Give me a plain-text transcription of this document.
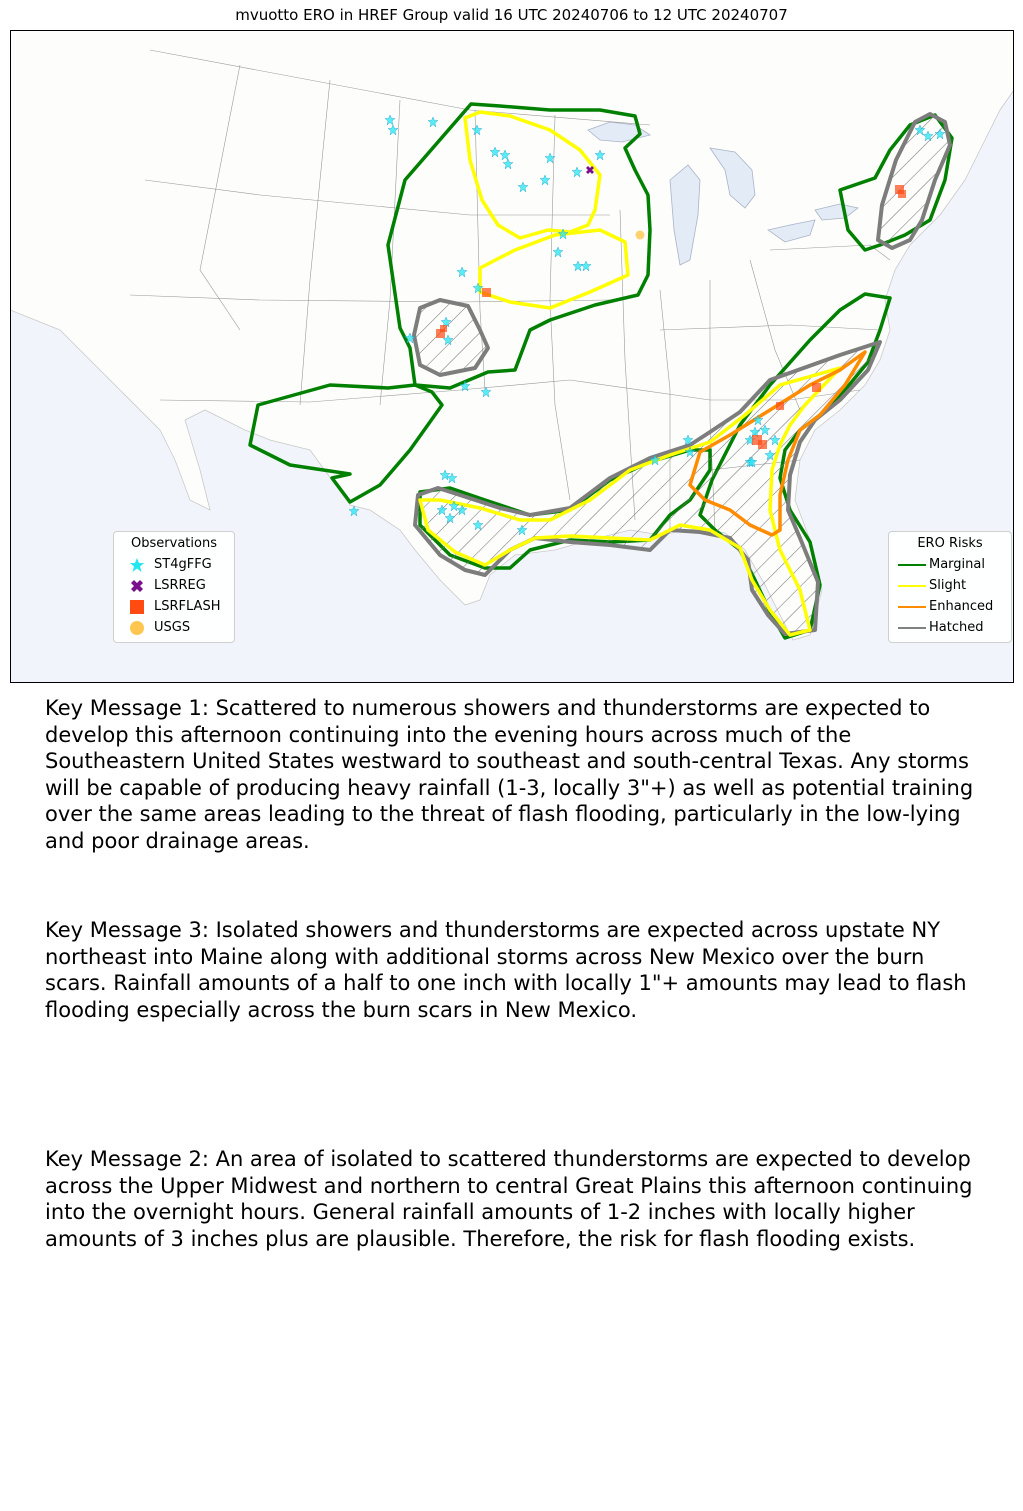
mvuotto ERO in HREF Group valid 16 UTC 20240706 to 12 UTC 20240707
Observations
ST4gFFG
LSRREG
LSRFLASH
USGS
ERO Risks
Marginal
Slight
Enhanced
Hatched
Key Message 1: Scattered to numerous showers and thunderstorms are expected to develop this afternoon continuing into the evening hours across much of the Southeastern United States westward to southeast and south-central Texas. Any storms will be capable of producing heavy rainfall (1-3, locally 3"+) as well as potential training over the same areas leading to the threat of flash flooding, particularly in the low-lying and poor drainage areas.
Key Message 3: Isolated showers and thunderstorms are expected across upstate NY northeast into Maine along with additional storms across New Mexico over the burn scars. Rainfall amounts of a half to one inch with locally 1"+ amounts may lead to flash flooding especially across the burn scars in New Mexico.
Key Message 2: An area of isolated to scattered thunderstorms are expected to develop across the Upper Midwest and northern to central Great Plains this afternoon continuing into the overnight hours. General rainfall amounts of 1-2 inches with locally higher amounts of 3 inches plus are plausible. Therefore, the risk for flash flooding exists.
